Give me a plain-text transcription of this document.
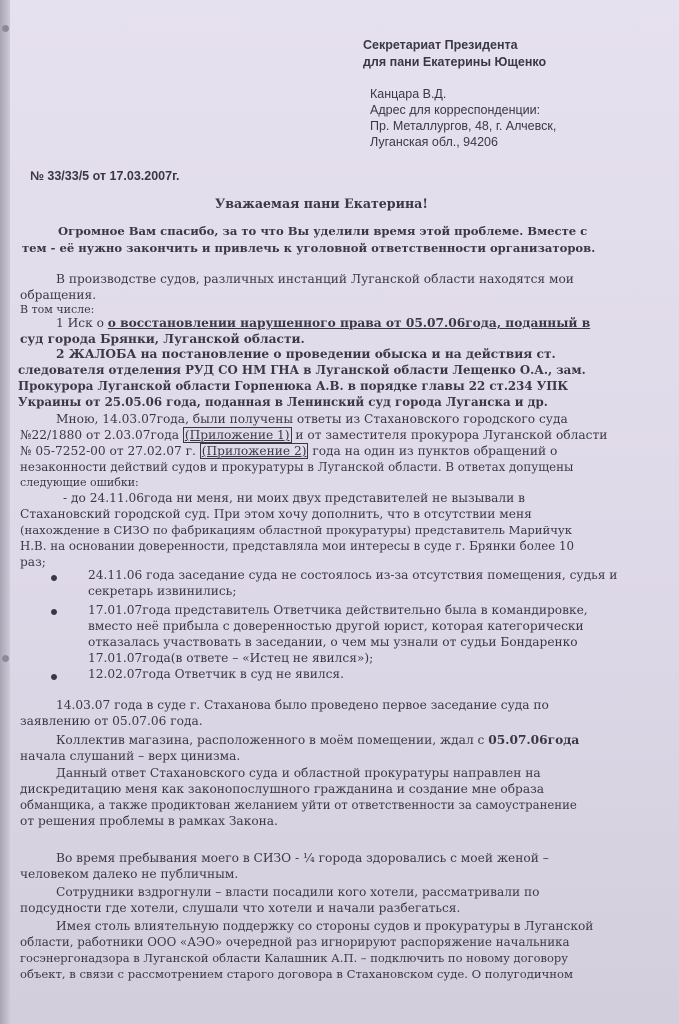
Секретариат Президента
для пани Екатерины Ющенко
Канцара В.Д.
Адрес для корреспонденции:
Пр. Металлургов, 48, г. Алчевск,
Луганская обл., 94206
№ 33/33/5 от 17.03.2007г.
Уважаемая пани Екатерина!
Огромное Вам спасибо, за то что Вы уделили время этой проблеме. Вместе с
тем - её нужно закончить и привлечь к уголовной ответственности организаторов.
В производстве судов, различных инстанций Луганской области находятся мои
обращения.
В том числе:
1 Иск о о восстановлении нарушенного права от 05.07.06года, поданный в
суд города Брянки, Луганской области.
2 ЖАЛОБА на постановление о проведении обыска и на действия ст.
следователя отделения РУД СО НМ ГНА в Луганской области Лещенко О.А., зам.
Прокурора Луганской области Горпенюка А.В. в порядке главы 22 ст.234 УПК
Украины от 25.05.06 года, поданная в Ленинский суд города Луганска и др.
Мною, 14.03.07года, были получены ответы из Стахановского городского суда
№22/1880 от 2.03.07года (Приложение 1) и от заместителя прокурора Луганской области
№ 05-7252-00 от 27.02.07 г. (Приложение 2) года на один из пунктов обращений о
незаконности действий судов и прокуратуры в Луганской области. В ответах допущены
следующие ошибки:
- до 24.11.06года ни меня, ни моих двух представителей не вызывали в
Стахановский городской суд. При этом хочу дополнить, что в отсутствии меня
(нахождение в СИЗО по фабрикациям областной прокуратуры) представитель Марийчук
Н.В. на основании доверенности, представляла мои интересы в суде г. Брянки более 10
раз;
24.11.06 года заседание суда не состоялось из-за отсутствия помещения, судья и
секретарь извинились;
17.01.07года представитель Ответчика действительно была в командировке,
вместо неё прибыла с доверенностью другой юрист, которая категорически
отказалась участвовать в заседании, о чем мы узнали от судьи Бондаренко
17.01.07года(в ответе – «Истец не явился»);
12.02.07года Ответчик в суд не явился.
14.03.07 года в суде г. Стаханова было проведено первое заседание суда по
заявлению от 05.07.06 года.
Коллектив магазина, расположенного в моём помещении, ждал с 05.07.06года
начала слушаний – верх цинизма.
Данный ответ Стахановского суда и областной прокуратуры направлен на
дискредитацию меня как законопослушного гражданина и создание мне образа
обманщика, а также продиктован желанием уйти от ответственности за самоустранение
от решения проблемы в рамках Закона.
Во время пребывания моего в СИЗО - ¼ города здоровались с моей женой –
человеком далеко не публичным.
Сотрудники вздрогнули – власти посадили кого хотели, рассматривали по
подсудности где хотели, слушали что хотели и начали разбегаться.
Имея столь влиятельную поддержку со стороны судов и прокуратуры в Луганской
области, работники ООО «АЭО» очередной раз игнорируют распоряжение начальника
госэнергонадзора в Луганской области Калашник А.П. – подключить по новому договору
объект, в связи с рассмотрением старого договора в Стахановском суде. О полугодичном
